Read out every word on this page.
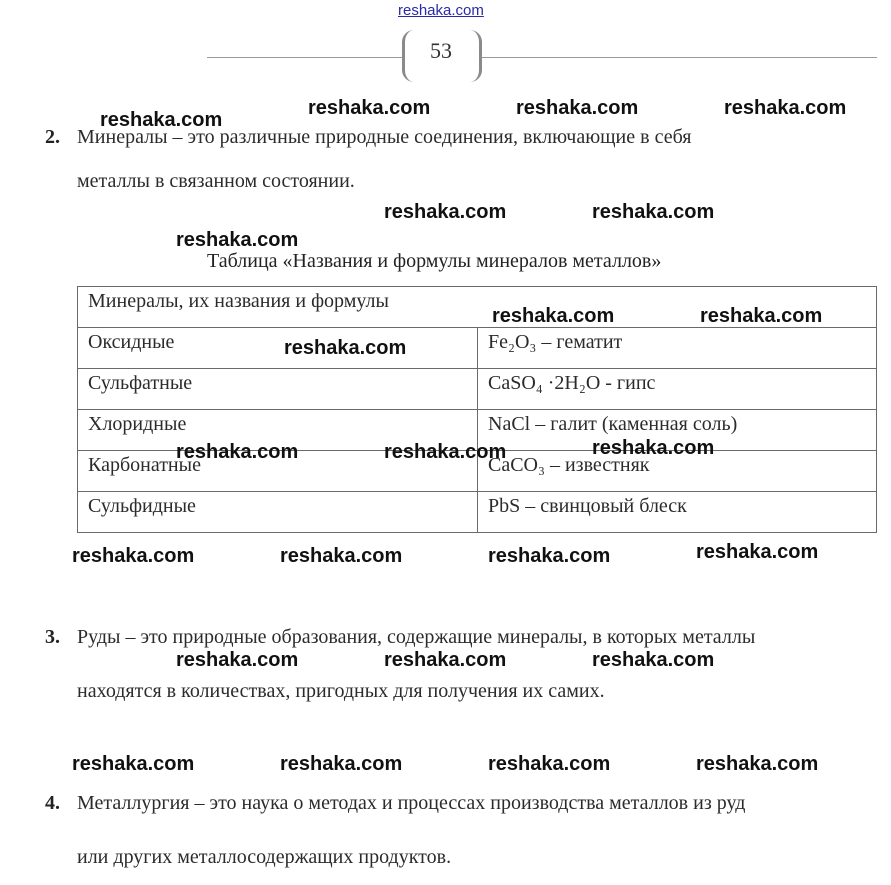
reshaka.com
53
2. Минералы – это различные природные соединения, включающие в себя
металлы в связанном состоянии.
Таблица «Названия и формулы минералов металлов»
Минералы, их названия и формулы	
Оксидные	Fe₂O₃ – гематит
Сульфатные	CaSO₄ ·2H₂O - гипс
Хлоридные	NaCl – галит (каменная соль)
Карбонатные	CaCO₃ – известняк
Сульфидные	PbS – свинцовый блеск
3. Руды – это природные образования, содержащие минералы, в которых металлы
находятся в количествах, пригодных для получения их самих.
4. Металлургия – это наука о методах и процессах производства металлов из руд
или других металлосодержащих продуктов.
reshaka.com
reshaka.com	reshaka.com	reshaka.com
reshaka.com	reshaka.com
reshaka.com
reshaka.com	reshaka.com
reshaka.com
reshaka.com	reshaka.com	reshaka.com
reshaka.com	reshaka.com	reshaka.com	reshaka.com
reshaka.com	reshaka.com	reshaka.com
reshaka.com	reshaka.com	reshaka.com	reshaka.com
